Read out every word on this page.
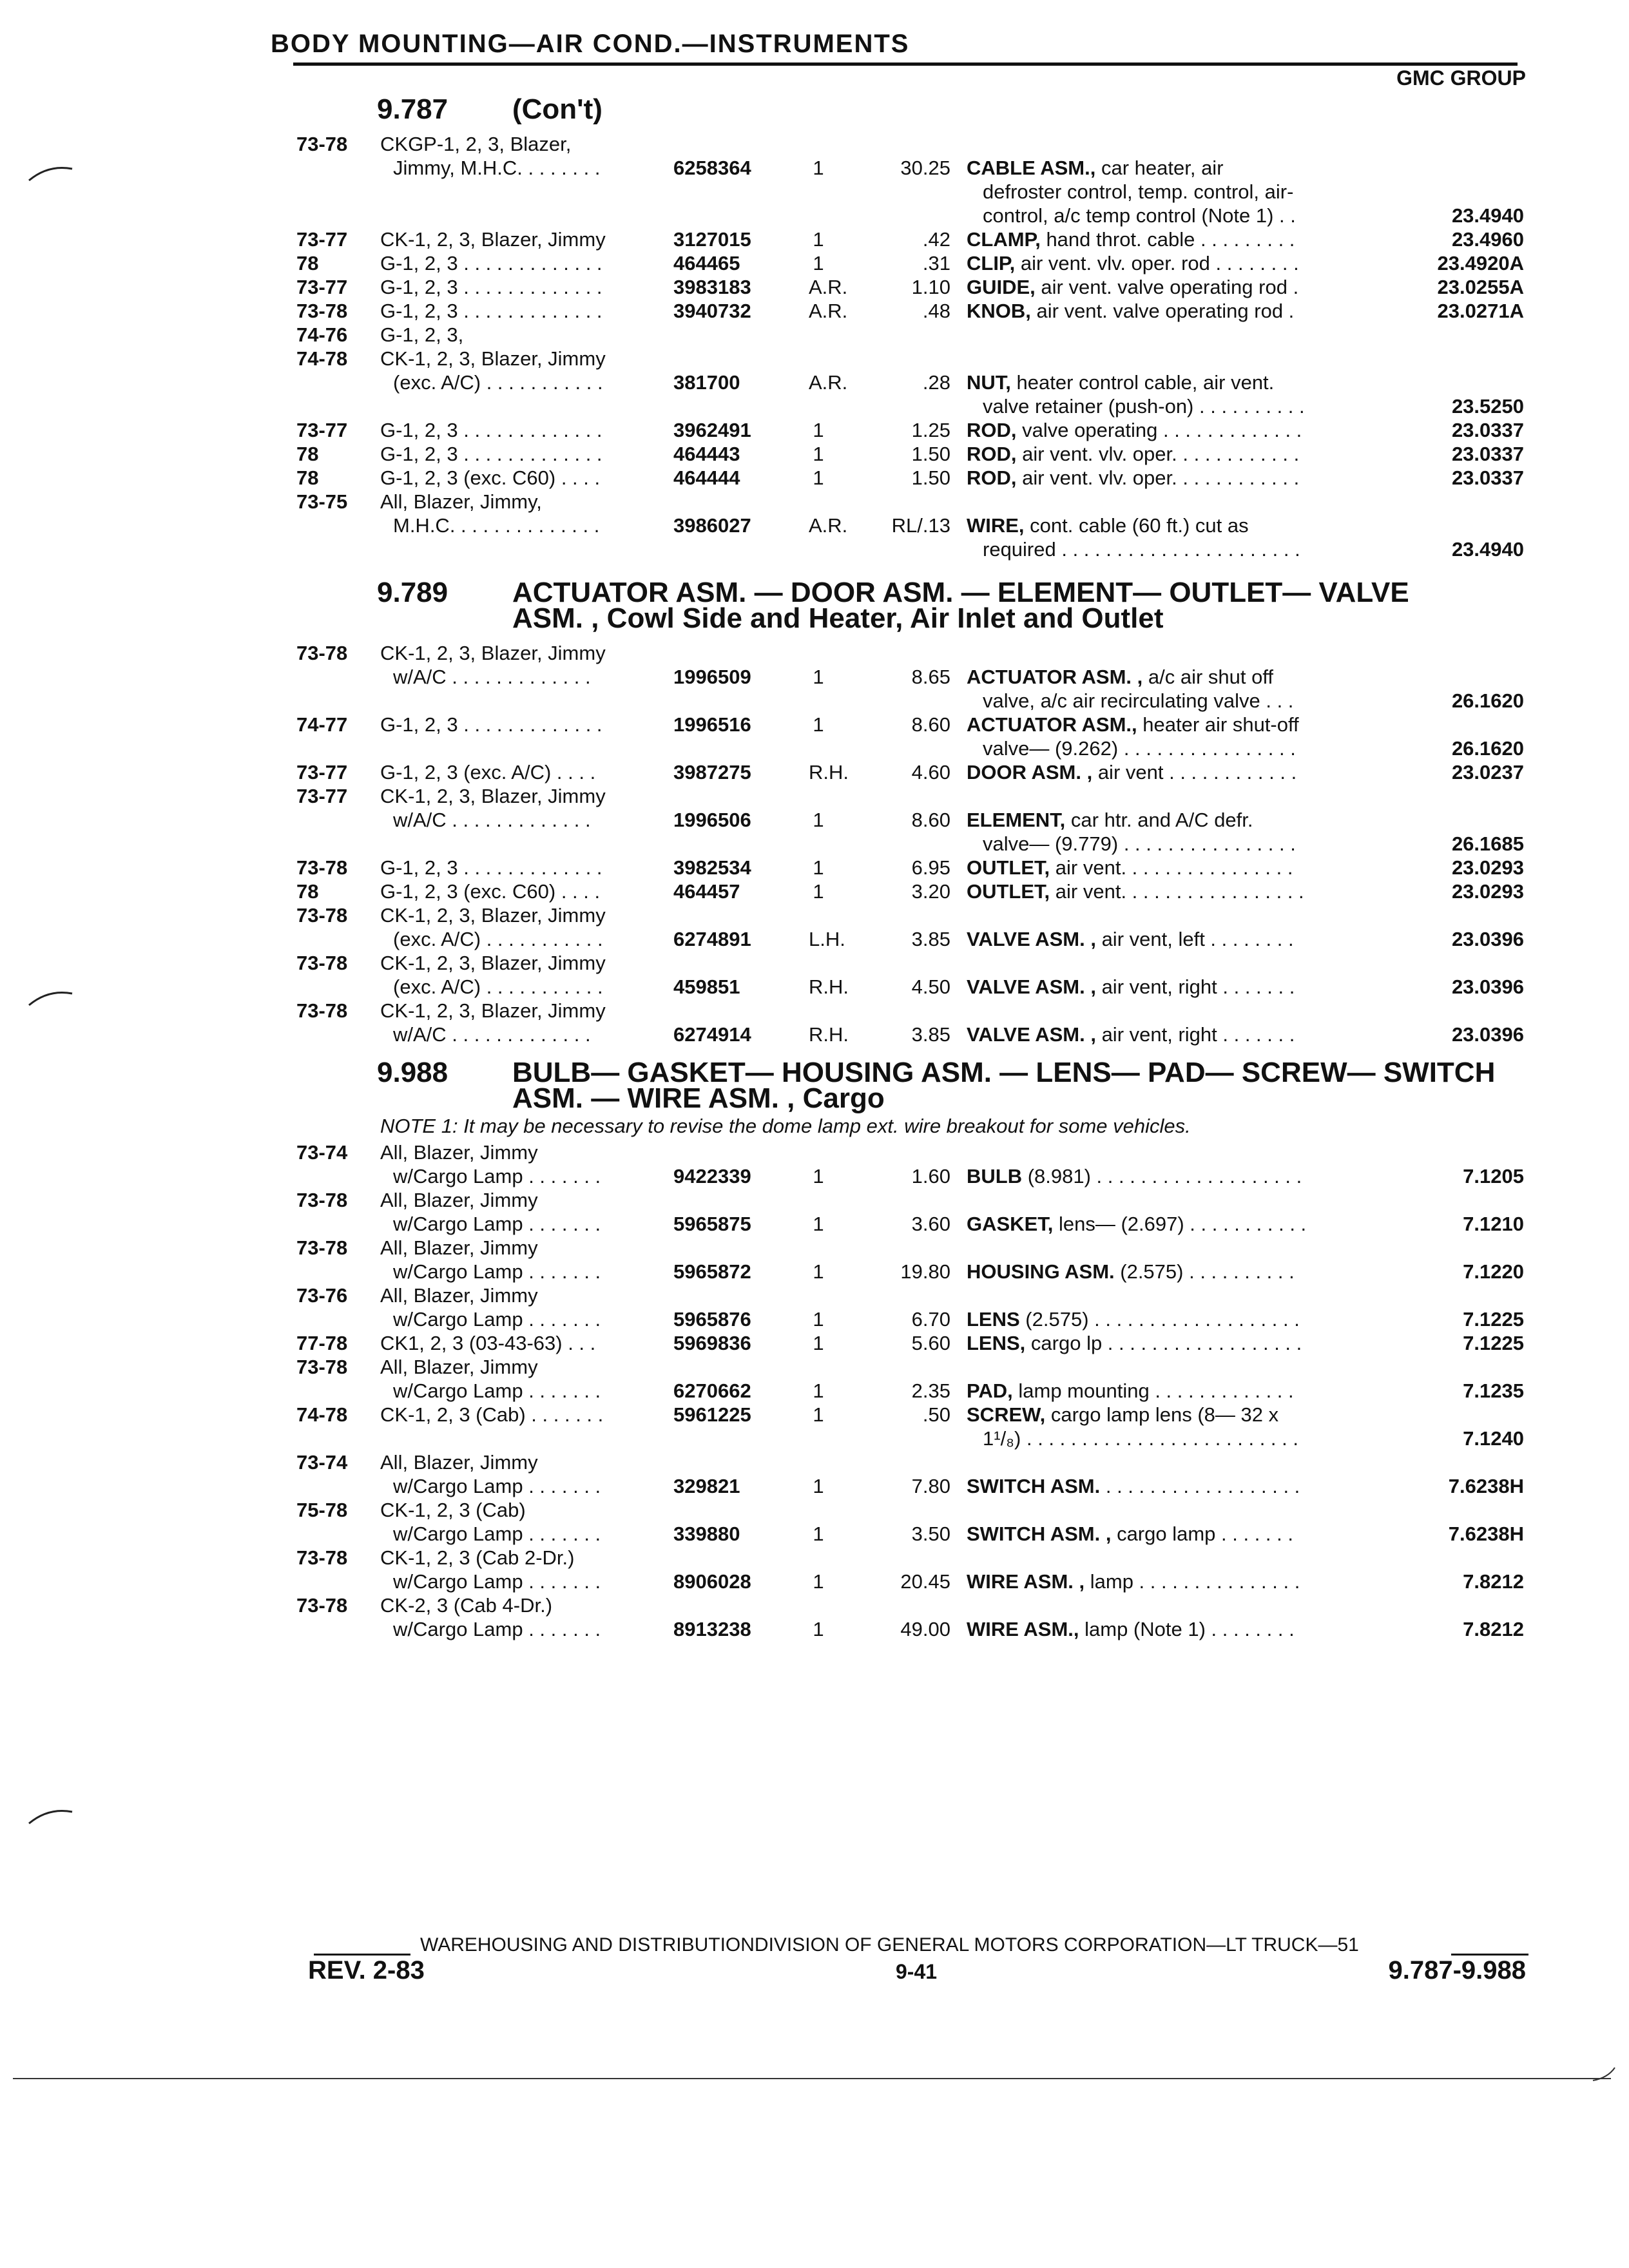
BODY MOUNTING—AIR COND.—INSTRUMENTS
GMC GROUP
9.787 (Con't)
73-78 CKGP-1, 2, 3, Blazer,
Jimmy, M.H.C. . . . . . . .	6258364	1	30.25 CABLE ASM., car heater, air
defroster control, temp. control, air-
control, a/c temp control (Note 1) . .	23.4940
73-77 CK-1, 2, 3, Blazer, Jimmy	3127015	1	.42 CLAMP, hand throt. cable . . . . . . . . .	23.4960
78	G-1, 2, 3 . . . . . . . . . . . . .	464465	1	.31 CLIP, air vent. vlv. oper. rod . . . . . . . .	23.4920A
73-77 G-1, 2, 3 . . . . . . . . . . . . .	3983183	A.R.	1.10 GUIDE, air vent. valve operating rod .	23.0255A
73-78 G-1, 2, 3 . . . . . . . . . . . . .	3940732	A.R.	.48 KNOB, air vent. valve operating rod .	23.0271A
74-76 G-1, 2, 3,
74-78 CK-1, 2, 3, Blazer, Jimmy
(exc. A/C) . . . . . . . . . . .	381700	A.R.	.28 NUT, heater control cable, air vent.
valve retainer (push-on) . . . . . . . . . .	23.5250
73-77 G-1, 2, 3 . . . . . . . . . . . . .	3962491	1	1.25 ROD, valve operating . . . . . . . . . . . . .	23.0337
78	G-1, 2, 3 . . . . . . . . . . . . .	464443	1	1.50 ROD, air vent. vlv. oper. . . . . . . . . . . .	23.0337
78	G-1, 2, 3 (exc. C60) . . . .	464444	1	1.50 ROD, air vent. vlv. oper. . . . . . . . . . . .	23.0337
73-75 All, Blazer, Jimmy,
M.H.C. . . . . . . . . . . . . .	3986027	A.R.	RL/.13 WIRE, cont. cable (60 ft.) cut as
required . . . . . . . . . . . . . . . . . . . . . .	23.4940
9.789 ACTUATOR ASM. — DOOR ASM. — ELEMENT— OUTLET— VALVE
ASM. , Cowl Side and Heater, Air Inlet and Outlet
73-78 CK-1, 2, 3, Blazer, Jimmy
w/A/C . . . . . . . . . . . . .	1996509	1	8.65 ACTUATOR ASM. , a/c air shut off
valve, a/c air recirculating valve . . .	26.1620
74-77 G-1, 2, 3 . . . . . . . . . . . . .	1996516	1	8.60 ACTUATOR ASM., heater air shut-off
valve— (9.262) . . . . . . . . . . . . . . . .	26.1620
73-77 G-1, 2, 3 (exc. A/C) . . . .	3987275	R.H.	4.60 DOOR ASM. , air vent . . . . . . . . . . . .	23.0237
73-77 CK-1, 2, 3, Blazer, Jimmy
w/A/C . . . . . . . . . . . . .	1996506	1	8.60 ELEMENT, car htr. and A/C defr.
valve— (9.779) . . . . . . . . . . . . . . . .	26.1685
73-78 G-1, 2, 3 . . . . . . . . . . . . .	3982534	1	6.95 OUTLET, air vent. . . . . . . . . . . . . . . .	23.0293
78	G-1, 2, 3 (exc. C60) . . . .	464457	1	3.20 OUTLET, air vent. . . . . . . . . . . . . . . . .	23.0293
73-78 CK-1, 2, 3, Blazer, Jimmy
(exc. A/C) . . . . . . . . . . .	6274891	L.H.	3.85 VALVE ASM. , air vent, left . . . . . . . .	23.0396
73-78 CK-1, 2, 3, Blazer, Jimmy
(exc. A/C) . . . . . . . . . . .	459851	R.H.	4.50 VALVE ASM. , air vent, right . . . . . . .	23.0396
73-78 CK-1, 2, 3, Blazer, Jimmy
w/A/C . . . . . . . . . . . . .	6274914	R.H.	3.85 VALVE ASM. , air vent, right . . . . . . .	23.0396
9.988 BULB— GASKET— HOUSING ASM. — LENS— PAD— SCREW— SWITCH
ASM. — WIRE ASM. , Cargo
NOTE 1: It may be necessary to revise the dome lamp ext. wire breakout for some vehicles.
73-74 All, Blazer, Jimmy
w/Cargo Lamp . . . . . . .	9422339	1	1.60 BULB (8.981) . . . . . . . . . . . . . . . . . . .	7.1205
73-78 All, Blazer, Jimmy
w/Cargo Lamp . . . . . . .	5965875	1	3.60 GASKET, lens— (2.697) . . . . . . . . . . .	7.1210
73-78 All, Blazer, Jimmy
w/Cargo Lamp . . . . . . .	5965872	1	19.80 HOUSING ASM. (2.575) . . . . . . . . . .	7.1220
73-76 All, Blazer, Jimmy
w/Cargo Lamp . . . . . . .	5965876	1	6.70 LENS (2.575) . . . . . . . . . . . . . . . . . . .	7.1225
77-78 CK1, 2, 3 (03-43-63) . . .	5969836	1	5.60 LENS, cargo lp . . . . . . . . . . . . . . . . . .	7.1225
73-78 All, Blazer, Jimmy
w/Cargo Lamp . . . . . . .	6270662	1	2.35 PAD, lamp mounting . . . . . . . . . . . . .	7.1235
74-78 CK-1, 2, 3 (Cab) . . . . . . .	5961225	1	.50 SCREW, cargo lamp lens (8— 32 x
1¹/₈) . . . . . . . . . . . . . . . . . . . . . . . . .	7.1240
73-74 All, Blazer, Jimmy
w/Cargo Lamp . . . . . . .	329821	1	7.80 SWITCH ASM. . . . . . . . . . . . . . . . . . .	7.6238H
75-78 CK-1, 2, 3 (Cab)
w/Cargo Lamp . . . . . . .	339880	1	3.50 SWITCH ASM. , cargo lamp . . . . . . .	7.6238H
73-78 CK-1, 2, 3 (Cab 2-Dr.)
w/Cargo Lamp . . . . . . .	8906028	1	20.45 WIRE ASM. , lamp . . . . . . . . . . . . . . .	7.8212
73-78 CK-2, 3 (Cab 4-Dr.)
w/Cargo Lamp . . . . . . .	8913238	1	49.00 WIRE ASM., lamp (Note 1) . . . . . . . .	7.8212
WAREHOUSING AND DISTRIBUTIONDIVISION OF GENERAL MOTORS CORPORATION—LT TRUCK—51
REV. 2-83	9-41	9.787-9.988
